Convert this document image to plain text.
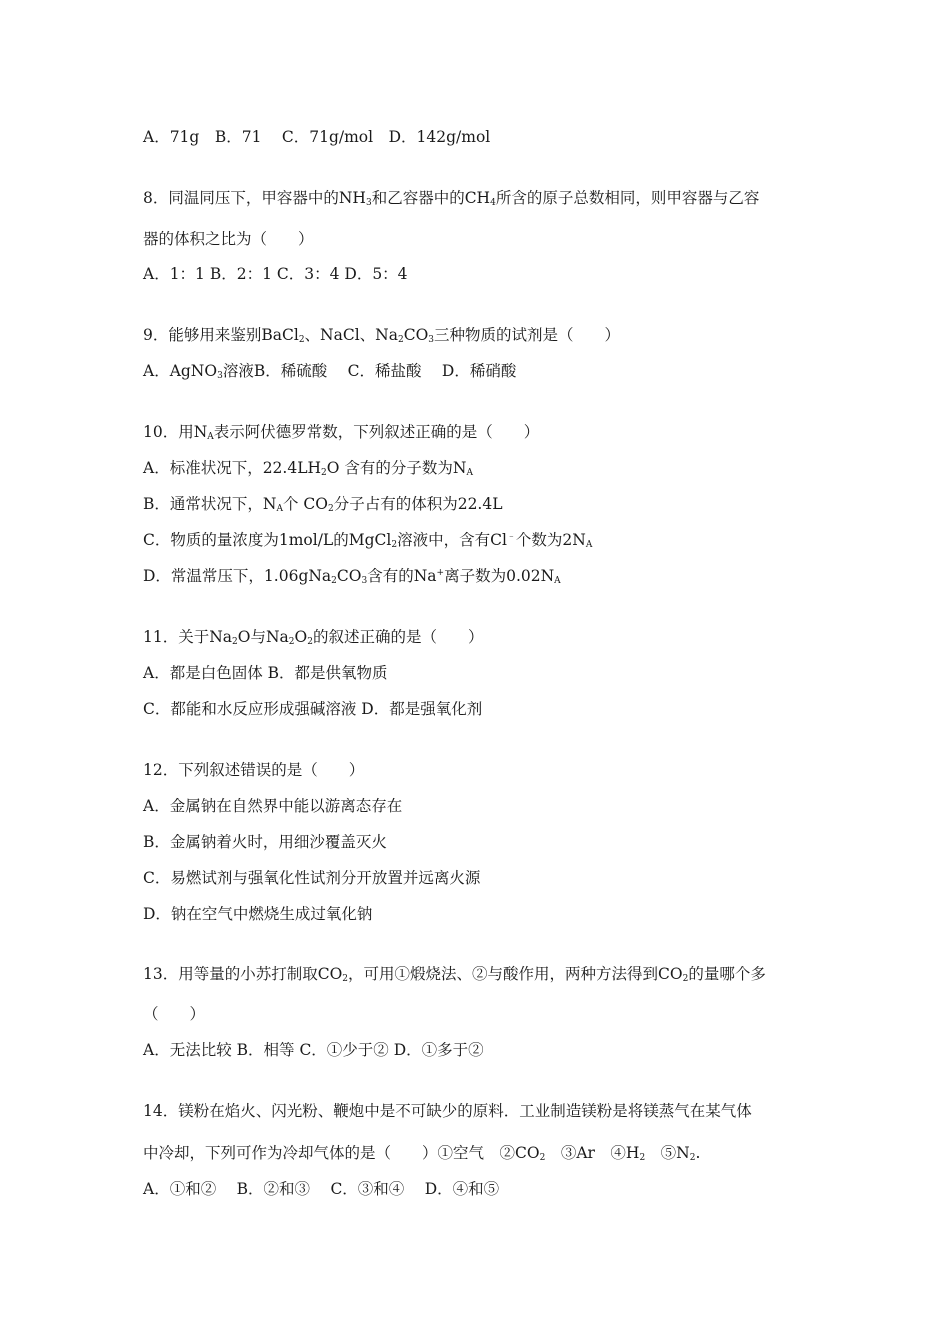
A．71g　B．71　 C．71g/mol　D．142g/mol
8．同温同压下，甲容器中的$NH_3$和乙容器中的$CH_4$所含的原子总数相同，则甲容器与乙容
器的体积之比为（　　）
A．1：1 B．2：1 C．3：4 D．5：4
9．能够用来鉴别BaCl$_2$、NaCl、$Na_2CO_3$三种物质的试剂是（　　）
A．AgNO$_3$溶液B．稀硫酸　 C．稀盐酸　 D．稀硝酸
10．用$N_A$表示阿伏德罗常数，下列叙述正确的是（　　）
A．标准状况下，$22.4LH_2O$ 含有的分子数为$N_A$
B．通常状况下，$N_A$个 $CO_2$分子占有的体积为22.4L
C．物质的量浓度为1mol/L的MgCl$_2$溶液中，含有Cl﹣个数为$2N_A$
D．常温常压下，$1.06gNa_2CO_3$含有的Na+离子数为$0.02N_A$
11．关于$Na_2O$与$Na_2O_2$的叙述正确的是（　　）
A．都是白色固体 B．都是供氧物质
C．都能和水反应形成强碱溶液 D．都是强氧化剂
12．下列叙述错误的是（　　）
A．金属钠在自然界中能以游离态存在
B．金属钠着火时，用细沙覆盖灭火
C．易燃试剂与强氧化性试剂分开放置并远离火源
D．钠在空气中燃烧生成过氧化钠
13．用等量的小苏打制取$CO_2$，可用①煅烧法、②与酸作用，两种方法得到$CO_2$的量哪个多
（　　）
A．无法比较 B．相等 C．①少于② D．①多于②
14．镁粉在焰火、闪光粉、鞭炮中是不可缺少的原料．工业制造镁粉是将镁蒸气在某气体
中冷却，下列可作为冷却气体的是（　　）①空气　$②CO_2$　③Ar　$④H_2$　$⑤N_2$.
A．①和②　 B．②和③　 C．③和④　 D．④和⑤
